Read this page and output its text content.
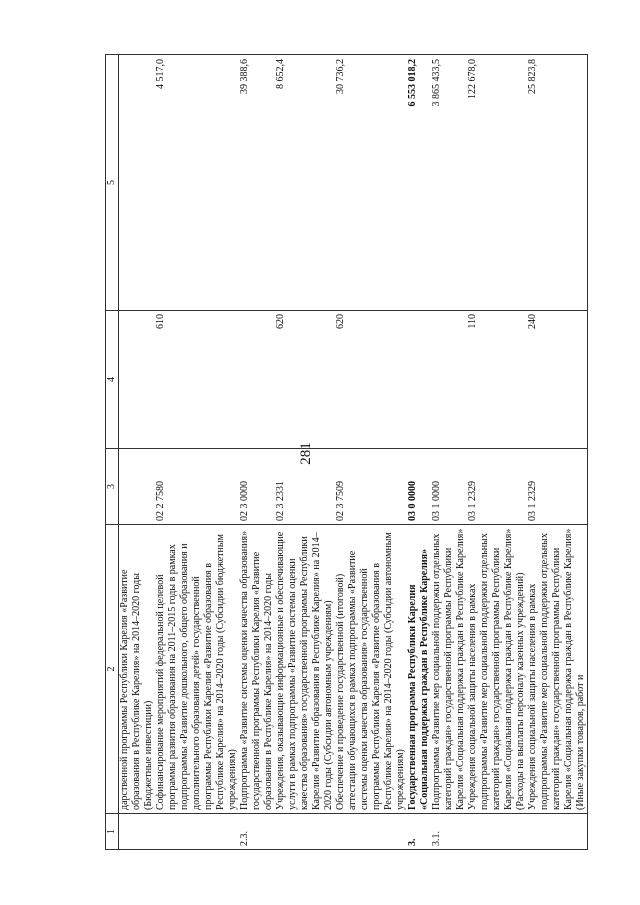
281
1	2	3	4	5
	дарственной программы Республики Карелия «Развитие образования в Республике Карелия» на 2014–2020 годы (Бюджетные инвестиции)			
	Софинансирование мероприятий федеральной целевой программы развития образования на 2011–2015 годы в рамках подпрограммы «Развитие дошкольного, общего образования и дополнительного образования детей» государственной программы Республики Карелия «Развитие образования в Республике Карелия» на 2014–2020 годы (Субсидии бюджетным учреждениям)	02 2 7580	610	4 517,0
2.3.	Подпрограмма «Развитие системы оценки качества образования» государственной программы Республики Карелия «Развитие образования в Республике Карелия» на 2014–2020 годы	02 3 0000		39 388,6
	Учреждения, оказывающие информационные и обеспечивающие услуги в рамках подпрограммы «Развитие системы оценки качества образования» государственной программы Республики Карелия «Развитие образования в Республике Карелия» на 2014–2020 годы (Субсидии автономным учреждениям)	02 3 2331	620	8 652,4
	Обеспечение и проведение государственной (итоговой) аттестации обучающихся в рамках подпрограммы «Развитие системы оценки качества образования» государственной программы Республики Карелия «Развитие образования в Республике Карелия» на 2014–2020 годы (Субсидии автономным учреждениям)	02 3 7509	620	30 736,2
3.	Государственная программа Республики Карелия «Социальная поддержка граждан в Республике Карелия»	03 0 0000		6 553 018,2
3.1.	Подпрограмма «Развитие мер социальной поддержки отдельных категорий граждан» государственной программы Республики Карелия «Социальная поддержка граждан в Республике Карелия»	03 1 0000		3 865 433,5
	Учреждения социальной защиты населения в рамках подпрограммы «Развитие мер социальной поддержки отдельных категорий граждан» государственной программы Республики Карелия «Социальная поддержка граждан в Республике Карелия» (Расходы на выплаты персоналу казенных учреждений)	03 1 2329	110	122 678,0
	Учреждения социальной защиты населения в рамках подпрограммы «Развитие мер социальной поддержки отдельных категорий граждан» государственной программы Республики Карелия «Социальная поддержка граждан в Республике Карелия» (Иные закупки товаров, работ и	03 1 2329	240	25 823,8
